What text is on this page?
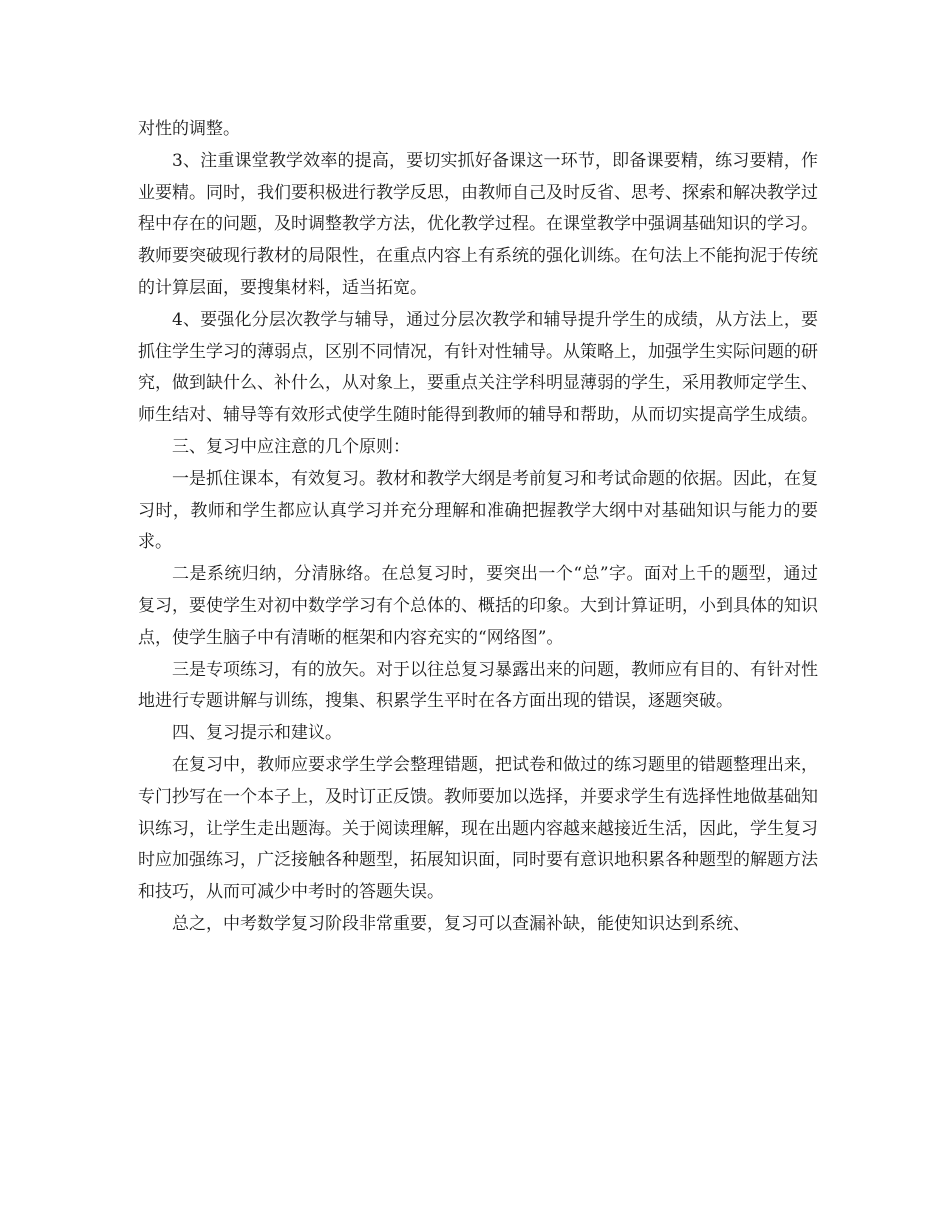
对性的调整。

3、注重课堂教学效率的提高，要切实抓好备课这一环节，即备课要精，练习要精，作业要精。同时，我们要积极进行教学反思，由教师自己及时反省、思考、探索和解决教学过程中存在的问题，及时调整教学方法，优化教学过程。在课堂教学中强调基础知识的学习。教师要突破现行教材的局限性，在重点内容上有系统的强化训练。在句法上不能拘泥于传统的计算层面，要搜集材料，适当拓宽。

4、要强化分层次教学与辅导，通过分层次教学和辅导提升学生的成绩，从方法上，要抓住学生学习的薄弱点，区别不同情况，有针对性辅导。从策略上，加强学生实际问题的研究，做到缺什么、补什么，从对象上，要重点关注学科明显薄弱的学生，采用教师定学生、师生结对、辅导等有效形式使学生随时能得到教师的辅导和帮助，从而切实提高学生成绩。

三、复习中应注意的几个原则：

一是抓住课本，有效复习。教材和教学大纲是考前复习和考试命题的依据。因此，在复习时，教师和学生都应认真学习并充分理解和准确把握教学大纲中对基础知识与能力的要求。

二是系统归纳，分清脉络。在总复习时，要突出一个“总”字。面对上千的题型，通过复习，要使学生对初中数学学习有个总体的、概括的印象。大到计算证明，小到具体的知识点，使学生脑子中有清晰的框架和内容充实的“网络图”。

三是专项练习，有的放矢。对于以往总复习暴露出来的问题，教师应有目的、有针对性地进行专题讲解与训练，搜集、积累学生平时在各方面出现的错误，逐题突破。

四、复习提示和建议。

在复习中，教师应要求学生学会整理错题，把试卷和做过的练习题里的错题整理出来，专门抄写在一个本子上，及时订正反馈。教师要加以选择，并要求学生有选择性地做基础知识练习，让学生走出题海。关于阅读理解，现在出题内容越来越接近生活，因此，学生复习时应加强练习，广泛接触各种题型，拓展知识面，同时要有意识地积累各种题型的解题方法和技巧，从而可减少中考时的答题失误。

总之，中考数学复习阶段非常重要，复习可以查漏补缺，能使知识达到系统、
